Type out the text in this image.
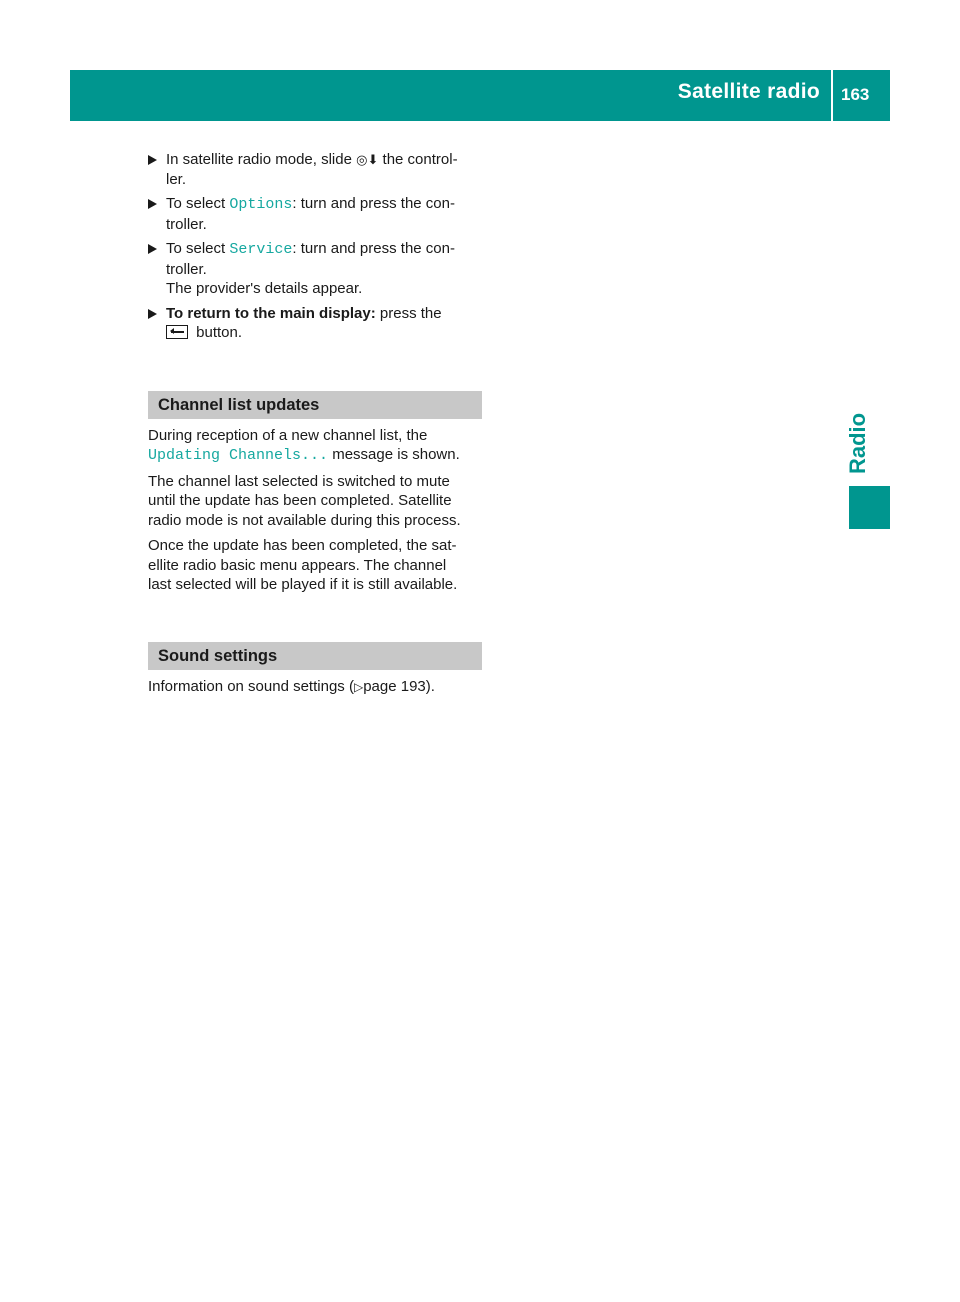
Satellite radio 163
Radio
In satellite radio mode, slide ◎⬇ the control-
ler.
To select Options: turn and press the con-
troller.
To select Service: turn and press the con-
troller.
The provider's details appear.
To return to the main display: press the
button.
Channel list updates

During reception of a new channel list, the
Updating Channels... message is shown.

The channel last selected is switched to mute
until the update has been completed. Satellite
radio mode is not available during this process.

Once the update has been completed, the sat-
ellite radio basic menu appears. The channel
last selected will be played if it is still available.

Sound settings

Information on sound settings (▷page 193).
